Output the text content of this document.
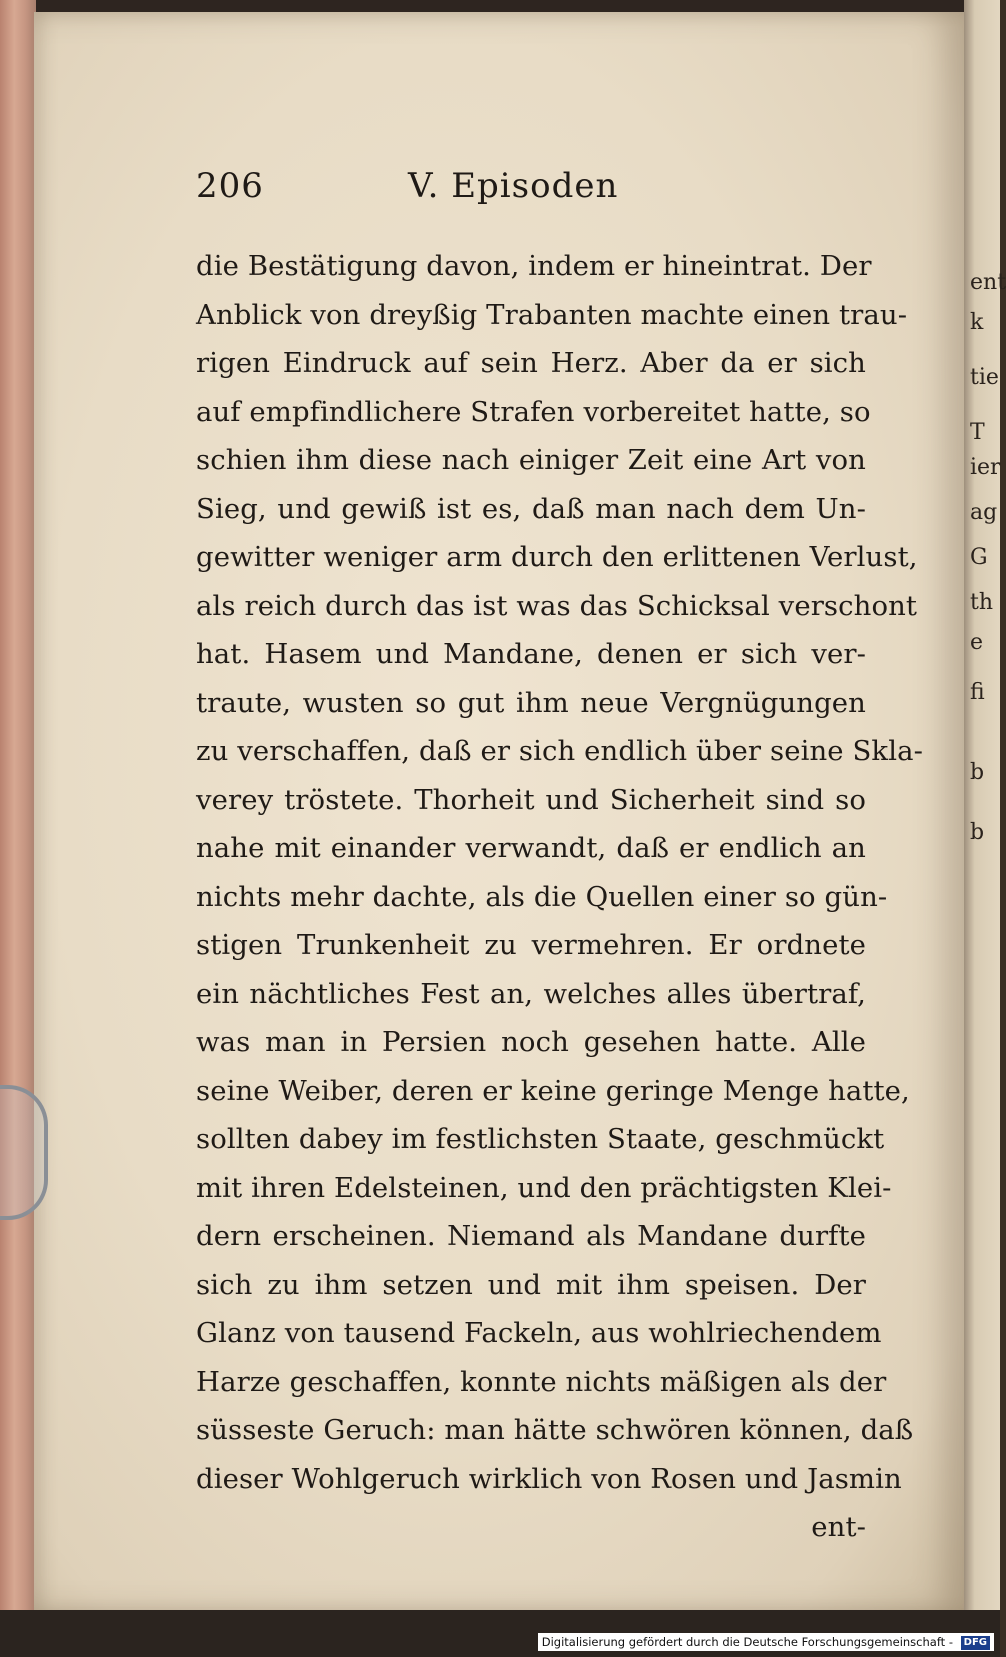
ent
k
tie
T
ier
ag
G
th
e
fi
b
b
206	V. Episoden
die Bestätigung davon, indem er hineintrat. Der
Anblick von dreyßig Trabanten machte einen trau-
rigen Eindruck auf sein Herz. Aber da er sich
auf empfindlichere Strafen vorbereitet hatte, so
schien ihm diese nach einiger Zeit eine Art von
Sieg, und gewiß ist es, daß man nach dem Un-
gewitter weniger arm durch den erlittenen Verlust,
als reich durch das ist was das Schicksal verschont
hat. Hasem und Mandane, denen er sich ver-
traute, wusten so gut ihm neue Vergnügungen
zu verschaffen, daß er sich endlich über seine Skla-
verey tröstete. Thorheit und Sicherheit sind so
nahe mit einander verwandt, daß er endlich an
nichts mehr dachte, als die Quellen einer so gün-
stigen Trunkenheit zu vermehren. Er ordnete
ein nächtliches Fest an, welches alles übertraf,
was man in Persien noch gesehen hatte. Alle
seine Weiber, deren er keine geringe Menge hatte,
sollten dabey im festlichsten Staate, geschmückt
mit ihren Edelsteinen, und den prächtigsten Klei-
dern erscheinen. Niemand als Mandane durfte
sich zu ihm setzen und mit ihm speisen. Der
Glanz von tausend Fackeln, aus wohlriechendem
Harze geschaffen, konnte nichts mäßigen als der
süsseste Geruch: man hätte schwören können, daß
dieser Wohlgeruch wirklich von Rosen und Jasmin
ent-
Digitalisierung gefördert durch die Deutsche Forschungsgemeinschaft - DFG
